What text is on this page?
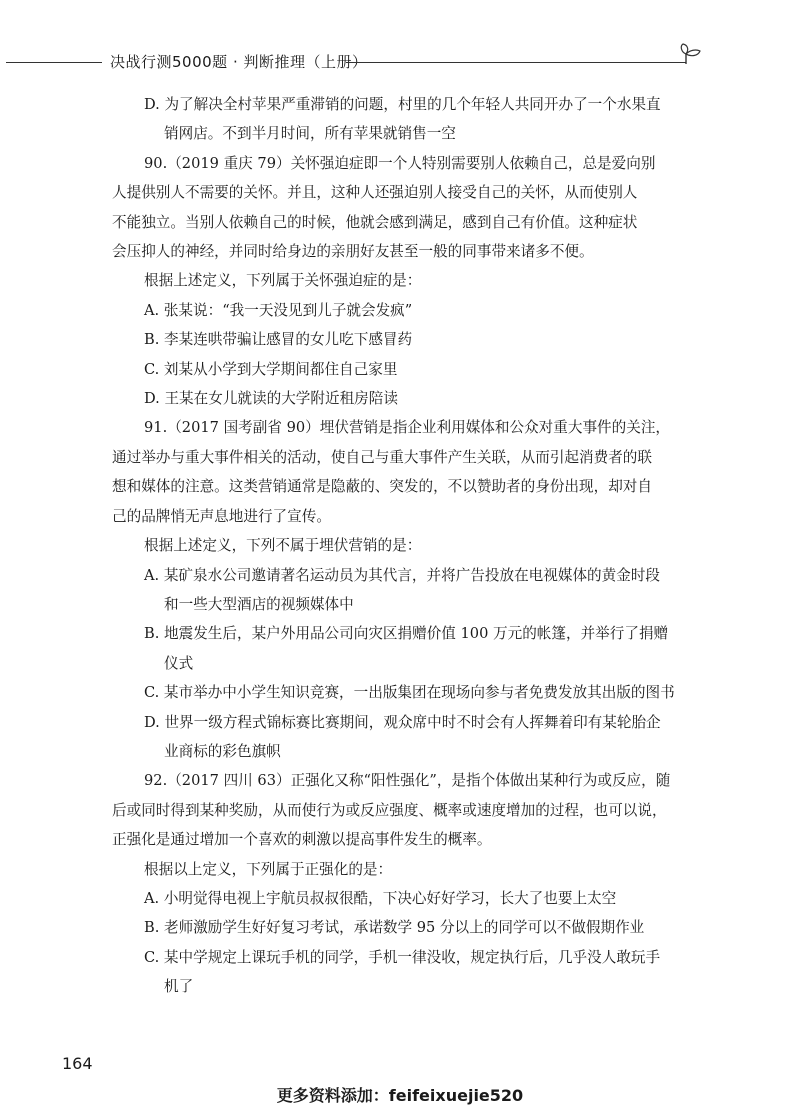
决战行测5000题 · 判断推理（上册）

D. 为了解决全村苹果严重滞销的问题，村里的几个年轻人共同开办了一个水果直

销网店。不到半月时间，所有苹果就销售一空

90.（2019 重庆 79）关怀强迫症即一个人特别需要别人依赖自己，总是爱向别

人提供别人不需要的关怀。并且，这种人还强迫别人接受自己的关怀，从而使别人

不能独立。当别人依赖自己的时候，他就会感到满足，感到自己有价值。这种症状

会压抑人的神经，并同时给身边的亲朋好友甚至一般的同事带来诸多不便。

根据上述定义，下列属于关怀强迫症的是：

A. 张某说：“我一天没见到儿子就会发疯”

B. 李某连哄带骗让感冒的女儿吃下感冒药

C. 刘某从小学到大学期间都住自己家里

D. 王某在女儿就读的大学附近租房陪读

91.（2017 国考副省 90）埋伏营销是指企业利用媒体和公众对重大事件的关注，

通过举办与重大事件相关的活动，使自己与重大事件产生关联，从而引起消费者的联

想和媒体的注意。这类营销通常是隐蔽的、突发的，不以赞助者的身份出现，却对自

己的品牌悄无声息地进行了宣传。

根据上述定义，下列不属于埋伏营销的是：

A. 某矿泉水公司邀请著名运动员为其代言，并将广告投放在电视媒体的黄金时段

和一些大型酒店的视频媒体中

B. 地震发生后，某户外用品公司向灾区捐赠价值 100 万元的帐篷，并举行了捐赠

仪式

C. 某市举办中小学生知识竞赛，一出版集团在现场向参与者免费发放其出版的图书

D. 世界一级方程式锦标赛比赛期间，观众席中时不时会有人挥舞着印有某轮胎企

业商标的彩色旗帜

92.（2017 四川 63）正强化又称“阳性强化”，是指个体做出某种行为或反应，随

后或同时得到某种奖励，从而使行为或反应强度、概率或速度增加的过程，也可以说，

正强化是通过增加一个喜欢的刺激以提高事件发生的概率。

根据以上定义，下列属于正强化的是：

A. 小明觉得电视上宇航员叔叔很酷，下决心好好学习，长大了也要上太空

B. 老师激励学生好好复习考试，承诺数学 95 分以上的同学可以不做假期作业

C. 某中学规定上课玩手机的同学，手机一律没收，规定执行后，几乎没人敢玩手

机了

164
更多资料添加：feifeixuejie520
